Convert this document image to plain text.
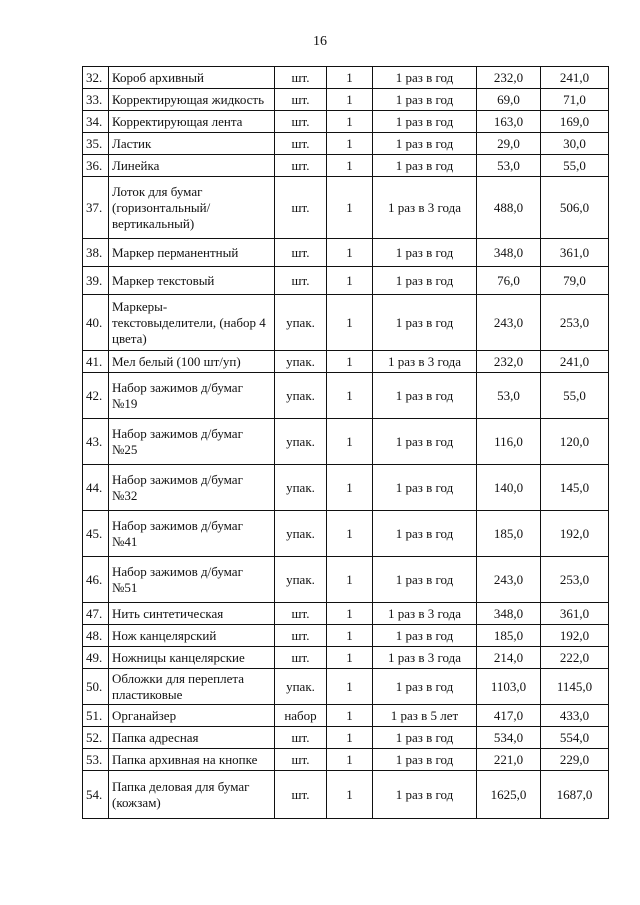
16
32.	Короб архивный	шт.	1	1 раз в год	232,0	241,0
33.	Корректирующая жидкость	шт.	1	1 раз в год	69,0	71,0
34.	Корректирующая лента	шт.	1	1 раз в год	163,0	169,0
35.	Ластик	шт.	1	1 раз в год	29,0	30,0
36.	Линейка	шт.	1	1 раз в год	53,0	55,0
37.	Лоток для бумаг (горизонтальный/ вертикальный)	шт.	1	1 раз в 3 года	488,0	506,0
38.	Маркер перманентный	шт.	1	1 раз в год	348,0	361,0
39.	Маркер текстовый	шт.	1	1 раз в год	76,0	79,0
40.	Маркеры-текстовыделители, (набор 4 цвета)	упак.	1	1 раз в год	243,0	253,0
41.	Мел белый (100 шт/уп)	упак.	1	1 раз в 3 года	232,0	241,0
42.	Набор зажимов д/бумаг №19	упак.	1	1 раз в год	53,0	55,0
43.	Набор зажимов д/бумаг №25	упак.	1	1 раз в год	116,0	120,0
44.	Набор зажимов д/бумаг №32	упак.	1	1 раз в год	140,0	145,0
45.	Набор зажимов д/бумаг №41	упак.	1	1 раз в год	185,0	192,0
46.	Набор зажимов д/бумаг №51	упак.	1	1 раз в год	243,0	253,0
47.	Нить синтетическая	шт.	1	1 раз в 3 года	348,0	361,0
48.	Нож канцелярский	шт.	1	1 раз в год	185,0	192,0
49.	Ножницы канцелярские	шт.	1	1 раз в 3 года	214,0	222,0
50.	Обложки для переплета пластиковые	упак.	1	1 раз в год	1103,0	1145,0
51.	Органайзер	набор	1	1 раз в 5 лет	417,0	433,0
52.	Папка адресная	шт.	1	1 раз в год	534,0	554,0
53.	Папка архивная на кнопке	шт.	1	1 раз в год	221,0	229,0
54.	Папка деловая для бумаг (кожзам)	шт.	1	1 раз в год	1625,0	1687,0
